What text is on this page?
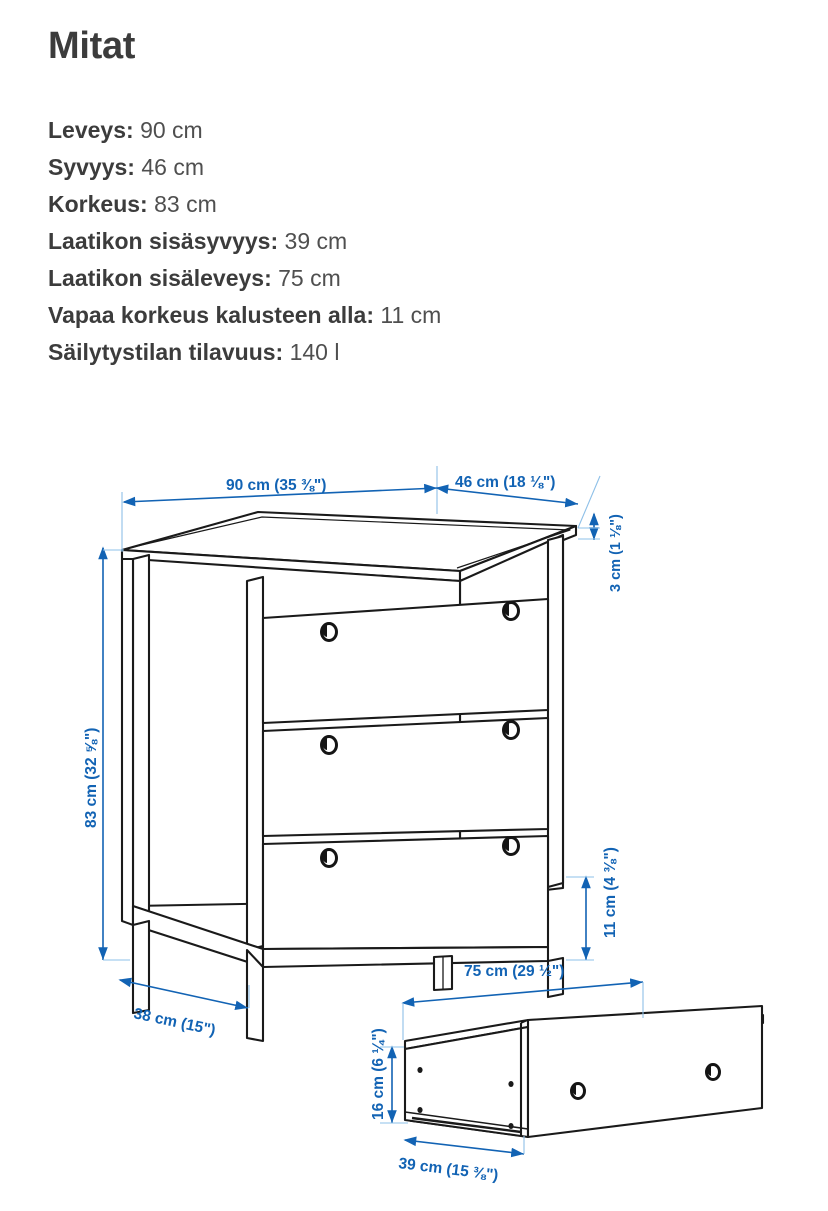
Mitat
Leveys: 90 cm
Syvyys: 46 cm
Korkeus: 83 cm
Laatikon sisäsyvyys: 39 cm
Laatikon sisäleveys: 75 cm
Vapaa korkeus kalusteen alla: 11 cm
Säilytystilan tilavuus: 140 l
90 cm (35 ⅜")	46 cm (18 ⅛")
3 cm (1 ⅛")
83 cm (32 ⅝")
38 cm (15")
11 cm (4 ⅜")
75 cm (29 ½")
16 cm (6 ¼")
39 cm (15 ⅜")
